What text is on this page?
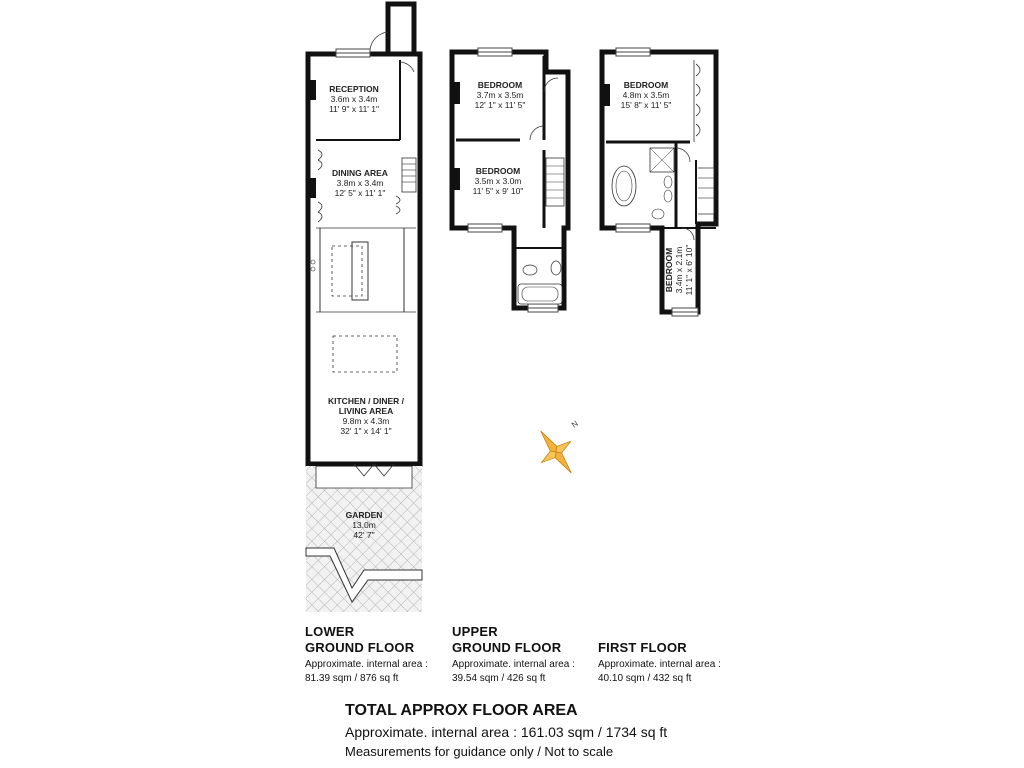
N
RECEPTION
3.6m x 3.4m
11' 9" x 11' 1"
DINING AREA
3.8m x 3.4m
12' 5" x 11' 1"
KITCHEN / DINER /
LIVING AREA
9.8m x 4.3m
32' 1" x 14' 1"
GARDEN
13.0m
42' 7"
BEDROOM
3.7m x 3.5m
12' 1" x 11' 5"
BEDROOM
3.5m x 3.0m
11' 5" x 9' 10"
BEDROOM
4.8m x 3.5m
15' 8" x 11' 5"
BEDROOM 3.4m x 2.1m 11' 1" x 6' 10"
LOWER
GROUND FLOOR
Approximate. internal area :
81.39 sqm / 876 sq ft
UPPER
GROUND FLOOR
Approximate. internal area :
39.54 sqm / 426 sq ft
FIRST FLOOR
Approximate. internal area :
40.10 sqm / 432 sq ft
TOTAL APPROX FLOOR AREA
Approximate. internal area : 161.03 sqm / 1734 sq ft
Measurements for guidance only / Not to scale
